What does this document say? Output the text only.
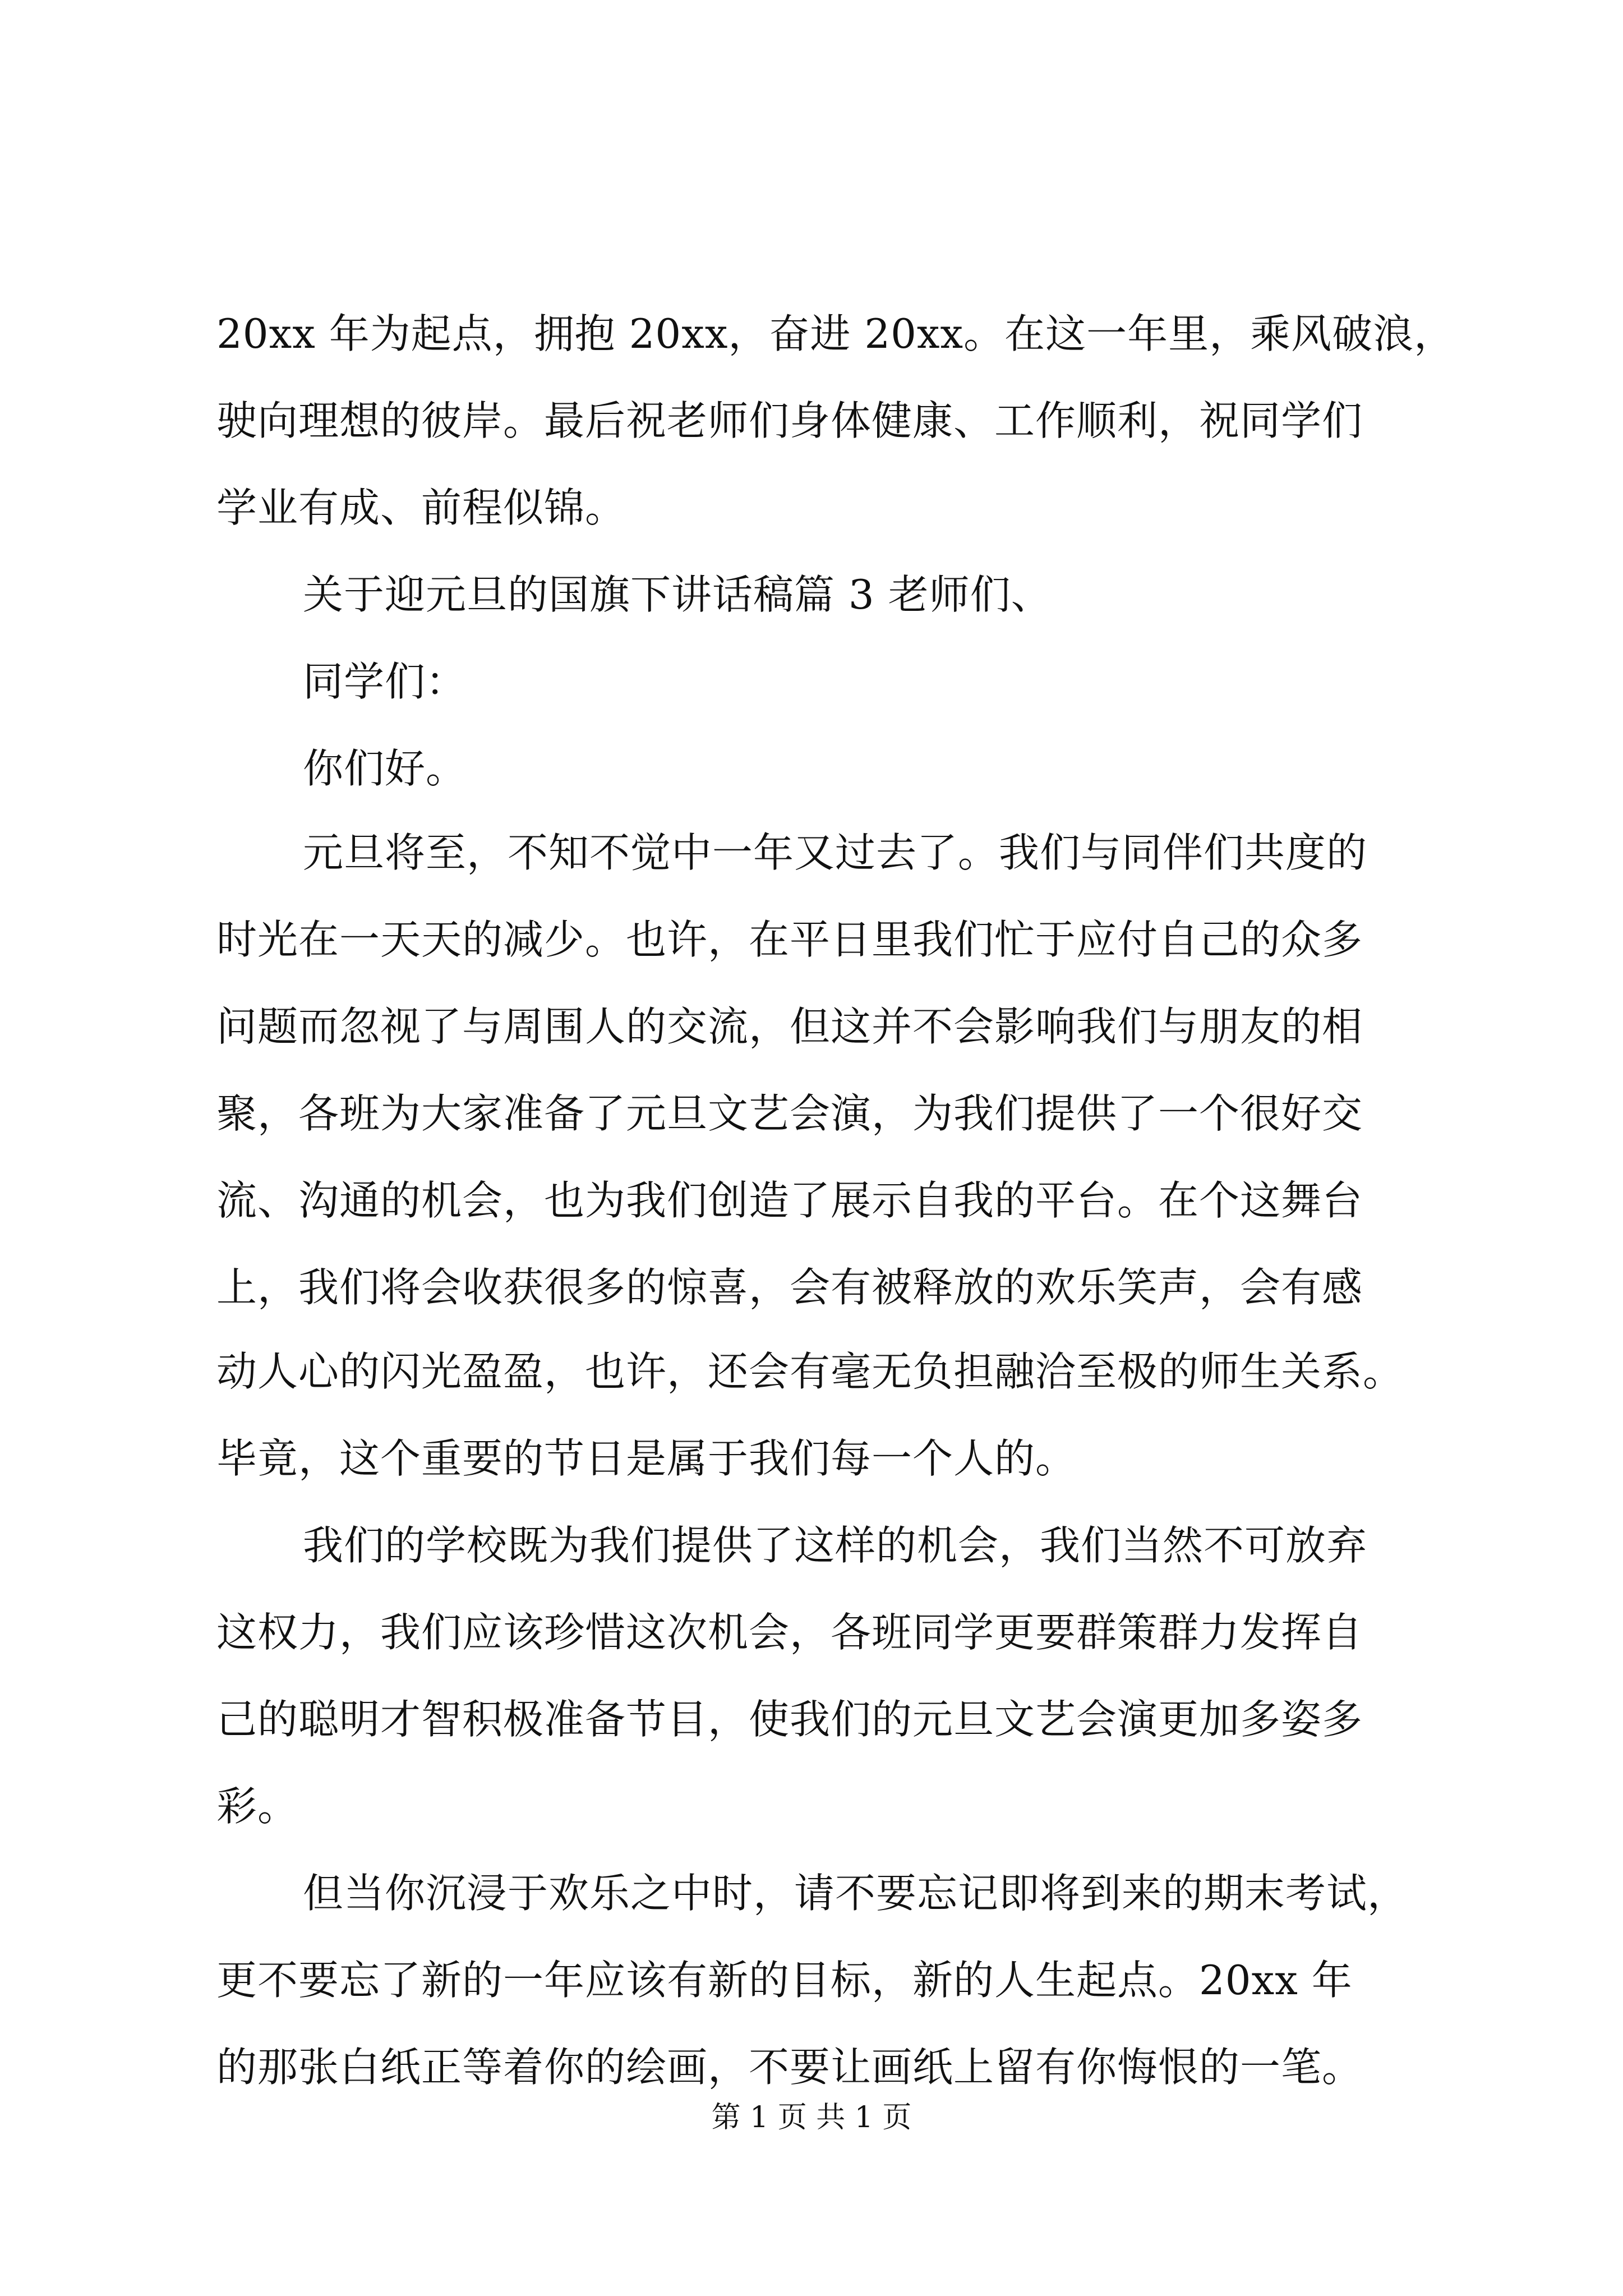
20xx 年为起点，拥抱 20xx，奋进 20xx。在这一年里，乘风破浪，
驶向理想的彼岸。最后祝老师们身体健康、工作顺利，祝同学们
学业有成、前程似锦。
关于迎元旦的国旗下讲话稿篇 3 老师们、
同学们：
你们好。
元旦将至，不知不觉中一年又过去了。我们与同伴们共度的
时光在一天天的减少。也许，在平日里我们忙于应付自己的众多
问题而忽视了与周围人的交流，但这并不会影响我们与朋友的相
聚，各班为大家准备了元旦文艺会演，为我们提供了一个很好交
流、沟通的机会，也为我们创造了展示自我的平台。在个这舞台
上，我们将会收获很多的惊喜，会有被释放的欢乐笑声，会有感
动人心的闪光盈盈，也许，还会有毫无负担融洽至极的师生关系。
毕竟，这个重要的节日是属于我们每一个人的。
我们的学校既为我们提供了这样的机会，我们当然不可放弃
这权力，我们应该珍惜这次机会，各班同学更要群策群力发挥自
己的聪明才智积极准备节目，使我们的元旦文艺会演更加多姿多
彩。
但当你沉浸于欢乐之中时，请不要忘记即将到来的期末考试，
更不要忘了新的一年应该有新的目标，新的人生起点。20xx 年
的那张白纸正等着你的绘画，不要让画纸上留有你悔恨的一笔。
第 1 页 共 1 页
